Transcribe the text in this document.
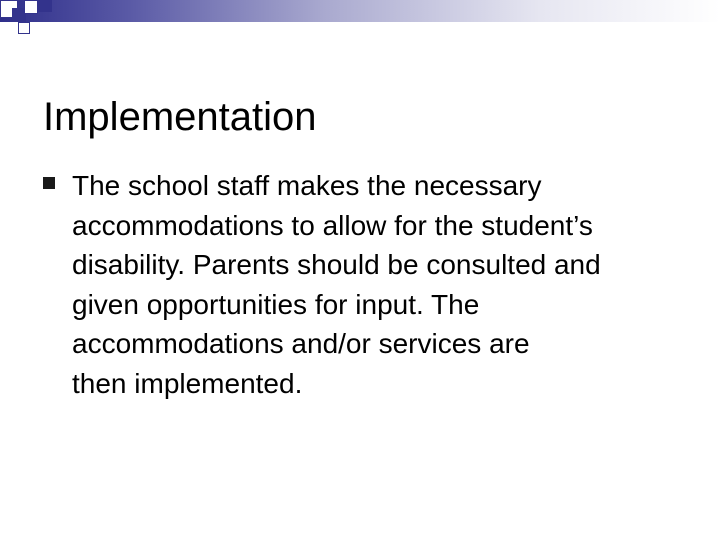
Implementation
The school staff makes the necessary
accommodations to allow for the student’s
disability. Parents should be consulted and
given opportunities for input. The
accommodations and/or services are
then implemented.
